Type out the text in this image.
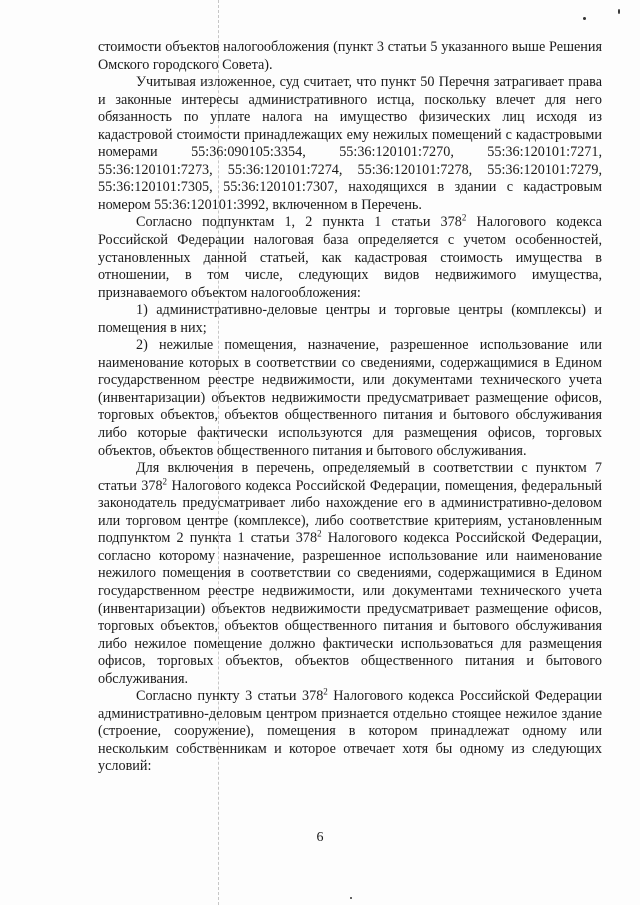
стоимости объектов налогообложения (пункт 3 статьи 5 указанного выше Решения Омского городского Совета).

Учитывая изложенное, суд считает, что пункт 50 Перечня затрагивает права и законные интересы административного истца, поскольку влечет для него обязанность по уплате налога на имущество физических лиц исходя из кадастровой стоимости принадлежащих ему нежилых помещений с кадастровыми номерами 55:36:090105:3354, 55:36:120101:7270, 55:36:120101:7271, 55:36:120101:7273, 55:36:120101:7274, 55:36:120101:7278, 55:36:120101:7279, 55:36:120101:7305, 55:36:120101:7307, находящихся в здании с кадастровым номером 55:36:120101:3992, включенном в Перечень.

Согласно подпунктам 1, 2 пункта 1 статьи $378^2$ Налогового кодекса Российской Федерации налоговая база определяется с учетом особенностей, установленных данной статьей, как кадастровая стоимость имущества в отношении, в том числе, следующих видов недвижимого имущества, признаваемого объектом налогообложения:

1) административно-деловые центры и торговые центры (комплексы) и помещения в них;

2) нежилые помещения, назначение, разрешенное использование или наименование которых в соответствии со сведениями, содержащимися в Едином государственном реестре недвижимости, или документами технического учета (инвентаризации) объектов недвижимости предусматривает размещение офисов, торговых объектов, объектов общественного питания и бытового обслуживания либо которые фактически используются для размещения офисов, торговых объектов, объектов общественного питания и бытового обслуживания.

Для включения в перечень, определяемый в соответствии с пунктом 7 статьи $378^2$ Налогового кодекса Российской Федерации, помещения, федеральный законодатель предусматривает либо нахождение его в административно-деловом или торговом центре (комплексе), либо соответствие критериям, установленным подпунктом 2 пункта 1 статьи $378^2$ Налогового кодекса Российской Федерации, согласно которому назначение, разрешенное использование или наименование нежилого помещения в соответствии со сведениями, содержащимися в Едином государственном реестре недвижимости, или документами технического учета (инвентаризации) объектов недвижимости предусматривает размещение офисов, торговых объектов, объектов общественного питания и бытового обслуживания либо нежилое помещение должно фактически использоваться для размещения офисов, торговых объектов, объектов общественного питания и бытового обслуживания.

Согласно пункту 3 статьи $378^2$ Налогового кодекса Российской Федерации административно-деловым центром признается отдельно стоящее нежилое здание (строение, сооружение), помещения в котором принадлежат одному или нескольким собственникам и которое отвечает хотя бы одному из следующих условий:

6
